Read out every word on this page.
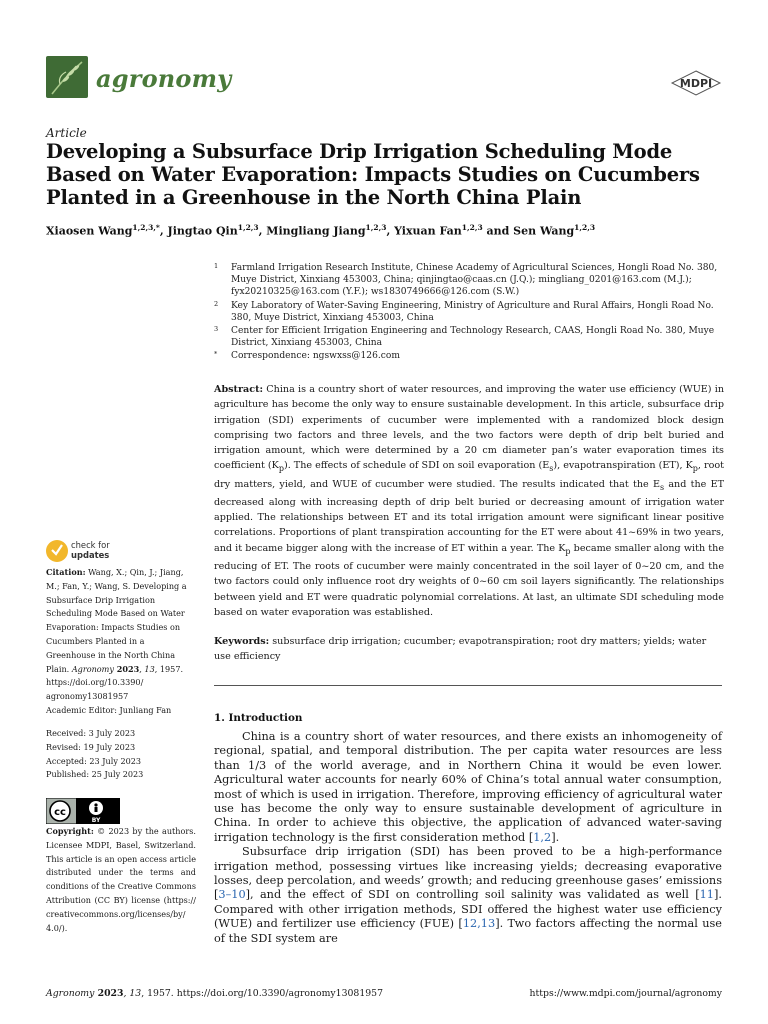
agronomy	MDPI
Article
Developing a Subsurface Drip Irrigation Scheduling Mode Based on Water Evaporation: Impacts Studies on Cucumbers Planted in a Greenhouse in the North China Plain
Xiaosen Wang$^{1,2,3,*}$, Jingtao Qin$^{1,2,3}$, Mingliang Jiang$^{1,2,3}$, Yixuan Fan$^{1,2,3}$ and Sen Wang$^{1,2,3}$
1 Farmland Irrigation Research Institute, Chinese Academy of Agricultural Sciences, Hongli Road No. 380, Muye District, Xinxiang 453003, China; qinjingtao@caas.cn (J.Q.); mingliang_0201@163.com (M.J.); fyx20210325@163.com (Y.F.); ws1830749666@126.com (S.W.)
2 Key Laboratory of Water-Saving Engineering, Ministry of Agriculture and Rural Affairs, Hongli Road No. 380, Muye District, Xinxiang 453003, China
3 Center for Efficient Irrigation Engineering and Technology Research, CAAS, Hongli Road No. 380, Muye District, Xinxiang 453003, China
* Correspondence: ngswxss@126.com
Abstract: China is a country short of water resources, and improving the water use efficiency (WUE) in agriculture has become the only way to ensure sustainable development. In this article, subsurface drip irrigation (SDI) experiments of cucumber were implemented with a randomized block design comprising two factors and three levels, and the two factors were depth of drip belt buried and irrigation amount, which were determined by a 20 cm diameter pan’s water evaporation times its coefficient $(K_p)$. The effects of schedule of SDI on soil evaporation $(E_s)$, evapotranspiration (ET), $K_p$, root dry matters, yield, and WUE of cucumber were studied. The results indicated that the $E_s$ and the ET decreased along with increasing depth of drip belt buried or decreasing amount of irrigation water applied. The relationships between ET and its total irrigation amount were significant linear positive correlations. Proportions of plant transpiration accounting for the ET were about 41~69% in two years, and it became bigger along with the increase of ET within a year. The $K_p$ became smaller along with the reducing of ET. The roots of cucumber were mainly concentrated in the soil layer of 0~20 cm, and the two factors could only influence root dry weights of 0~60 cm soil layers significantly. The relationships between yield and ET were quadratic polynomial correlations. At last, an ultimate SDI scheduling mode based on water evaporation was established.
Keywords: subsurface drip irrigation; cucumber; evapotranspiration; root dry matters; yields; water use efficiency
1. Introduction

China is a country short of water resources, and there exists an inhomogeneity of regional, spatial, and temporal distribution. The per capita water resources are less than 1/3 of the world average, and in Northern China it would be even lower. Agricultural water accounts for nearly 60% of China’s total annual water consumption, most of which is used in irrigation. Therefore, improving efficiency of agricultural water use has become the only way to ensure sustainable development of agriculture in China. In order to achieve this objective, the application of advanced water-saving irrigation technology is the first consideration method [1,2].

Subsurface drip irrigation (SDI) has been proved to be a high-performance irrigation method, possessing virtues like increasing yields; decreasing evaporative losses, deep percolation, and weeds’ growth; and reducing greenhouse gases’ emissions [3–10], and the effect of SDI on controlling soil salinity was validated as well [11]. Compared with other irrigation methods, SDI offered the highest water use efficiency (WUE) and fertilizer use efficiency (FUE) [12,13]. Two factors affecting the normal use of the SDI system are

check for
updates
Citation: Wang, X.; Qin, J.; Jiang, M.; Fan, Y.; Wang, S. Developing a Subsurface Drip Irrigation Scheduling Mode Based on Water Evaporation: Impacts Studies on Cucumbers Planted in a Greenhouse in the North China Plain. Agronomy 2023, 13, 1957. https://doi.org/10.3390/ agronomy13081957
Academic Editor: Junliang Fan
Received: 3 July 2023
Revised: 19 July 2023
Accepted: 23 July 2023
Published: 25 July 2023
cc
BY
Copyright: © 2023 by the authors. Licensee MDPI, Basel, Switzerland. This article is an open access article distributed under the terms and conditions of the Creative Commons Attribution (CC BY) license (https:// creativecommons.org/licenses/by/ 4.0/).
Agronomy 2023, 13, 1957. https://doi.org/10.3390/agronomy13081957	https://www.mdpi.com/journal/agronomy
